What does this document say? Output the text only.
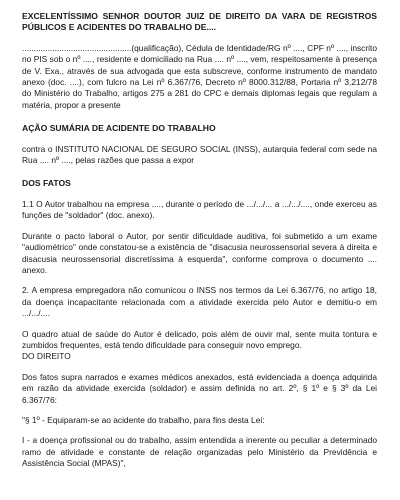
EXCELENTÍSSIMO SENHOR DOUTOR JUIZ DE DIREITO DA VARA DE REGISTROS PÚBLICOS E ACIDENTES DO TRABALHO DE....

...............................................(qualificação), Cédula de Identidade/RG nº ...., CPF nº ...., inscrito no PIS sob o nº ...., residente e domiciliado na Rua .... nº ...., vem, respeitosamente à presença de V. Exa., através de sua advogada que esta subscreve, conforme instrumento de mandato anexo (doc. ....), com fulcro na Lei nº 6.367/76, Decreto nº 8000.312/88, Portaria nº 3.212/78 do Ministério do Trabalho, artigos 275 a 281 do CPC e demais diplomas legais que regulam a matéria, propor a presente

AÇÃO SUMÁRIA DE ACIDENTE DO TRABALHO

contra o INSTITUTO NACIONAL DE SEGURO SOCIAL (INSS), autarquia federal com sede na Rua .... nº ...., pelas razões que passa a expor

DOS FATOS

1.1 O Autor trabalhou na empresa ...., durante o período de .../.../... a .../.../...., onde exerceu as funções de "soldador" (doc. anexo).

Durante o pacto laboral o Autor, por sentir dificuldade auditiva, foi submetido a um exame "audiométrico" onde constatou-se a existência de "disacusia neurossensorial severa à direita e disacusia neurossensorial discretíssima à esquerda", conforme comprova o documento .... anexo.

2. A empresa empregadora não comunicou o INSS nos termos da Lei 6.367/76, no artigo 18, da doença incapacitante relacionada com a atividade exercida pelo Autor e demitiu-o em .../.../....

O quadro atual de saúde do Autor é delicado, pois além de ouvir mal, sente muita tontura e zumbidos frequentes, está tendo dificuldade para conseguir novo emprego.

DO DIREITO

Dos fatos supra narrados e exames médicos anexados, está evidenciada a doença adquirida em razão da atividade exercida (soldador) e assim definida no art. 2º, § 1º e § 3º da Lei 6.367/76:

"§ 1º - Equiparam-se ao acidente do trabalho, para fins desta Lei:

I - a doença profissional ou do trabalho, assim entendida a inerente ou peculiar a determinado ramo de atividade e constante de relação organizadas pelo Ministério da Previdência e Assistência Social (MPAS)",
